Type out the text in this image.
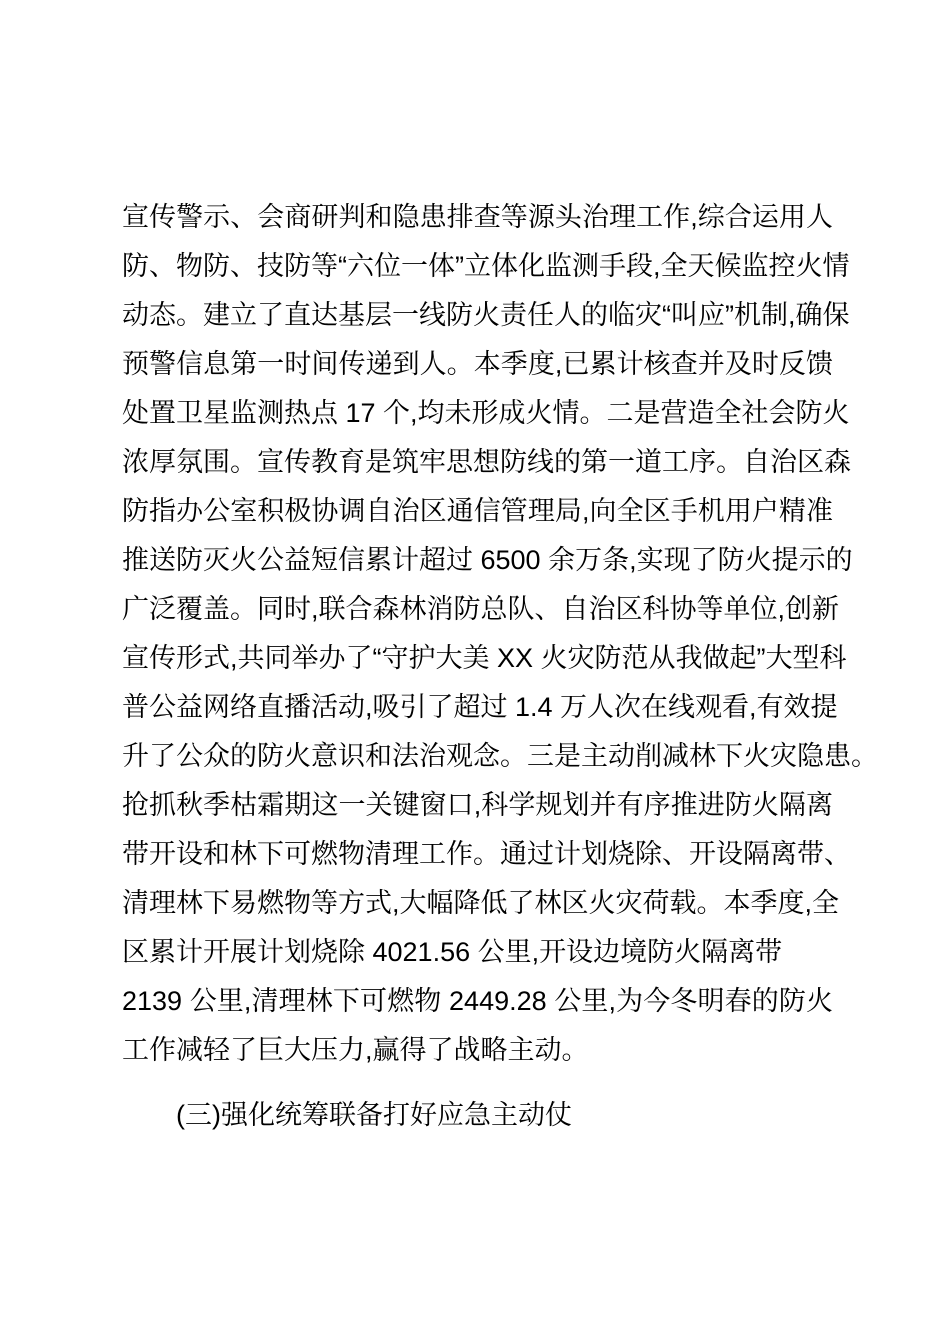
宣传警示、会商研判和隐患排查等源头治理工作,综合运用人
防、物防、技防等“六位一体”立体化监测手段,全天候监控火情
动态。建立了直达基层一线防火责任人的临灾“叫应”机制,确保
预警信息第一时间传递到人。本季度,已累计核查并及时反馈
处置卫星监测热点 17 个,均未形成火情。二是营造全社会防火
浓厚氛围。宣传教育是筑牢思想防线的第一道工序。自治区森
防指办公室积极协调自治区通信管理局,向全区手机用户精准
推送防灭火公益短信累计超过 6500 余万条,实现了防火提示的
广泛覆盖。同时,联合森林消防总队、自治区科协等单位,创新
宣传形式,共同举办了“守护大美 XX 火灾防范从我做起”大型科
普公益网络直播活动,吸引了超过 1.4 万人次在线观看,有效提
升了公众的防火意识和法治观念。三是主动削减林下火灾隐患。
抢抓秋季枯霜期这一关键窗口,科学规划并有序推进防火隔离
带开设和林下可燃物清理工作。通过计划烧除、开设隔离带、
清理林下易燃物等方式,大幅降低了林区火灾荷载。本季度,全
区累计开展计划烧除 4021.56 公里,开设边境防火隔离带
2139 公里,清理林下可燃物 2449.28 公里,为今冬明春的防火
工作减轻了巨大压力,赢得了战略主动。
(三)强化统筹联备打好应急主动仗
